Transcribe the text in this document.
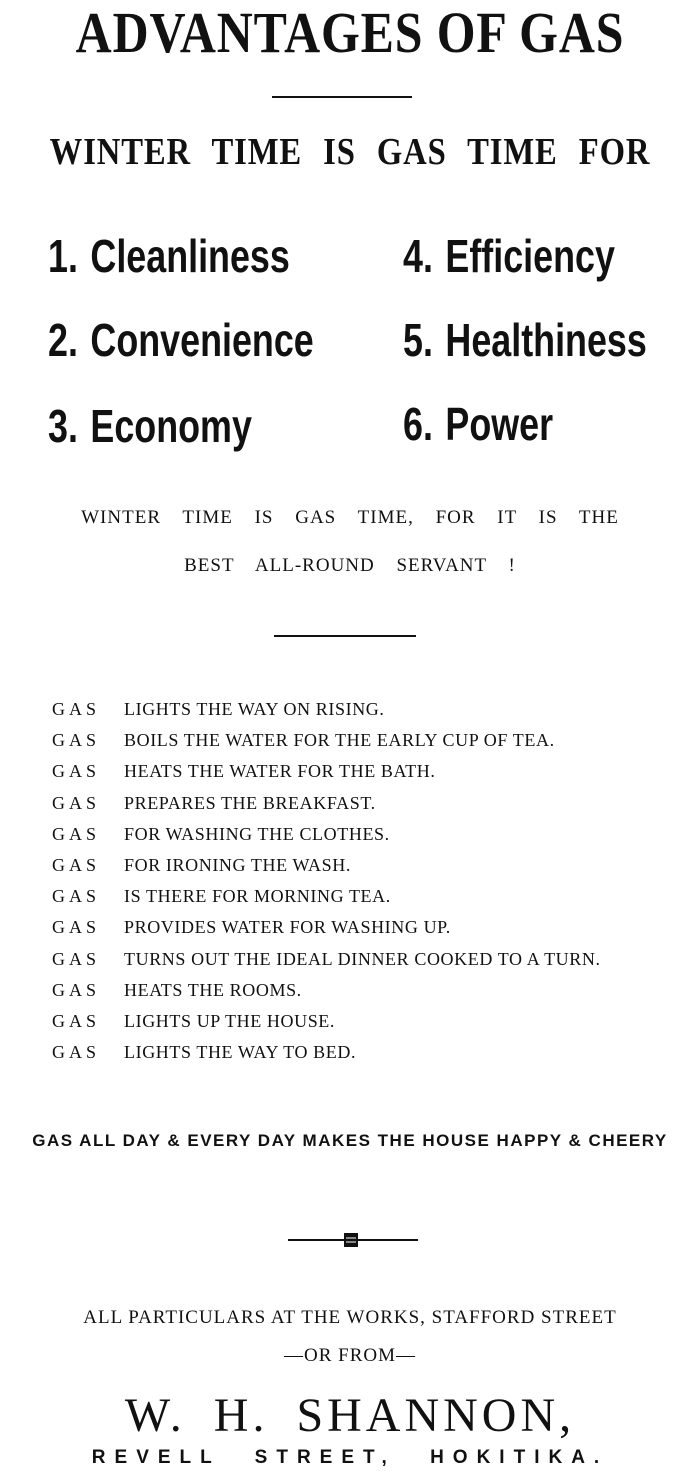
ADVANTAGES OF GAS
WINTER TIME IS GAS TIME FOR
1. Cleanliness
2. Convenience
3. Economy
4. Efficiency
5. Healthiness
6. Power
WINTER TIME IS GAS TIME, FOR IT IS THE
BEST ALL-ROUND SERVANT !
GAS LIGHTS THE WAY ON RISING.
GAS BOILS THE WATER FOR THE EARLY CUP OF TEA.
GAS HEATS THE WATER FOR THE BATH.
GAS PREPARES THE BREAKFAST.
GAS FOR WASHING THE CLOTHES.
GAS FOR IRONING THE WASH.
GAS IS THERE FOR MORNING TEA.
GAS PROVIDES WATER FOR WASHING UP.
GAS TURNS OUT THE IDEAL DINNER COOKED TO A TURN.
GAS HEATS THE ROOMS.
GAS LIGHTS UP THE HOUSE.
GAS LIGHTS THE WAY TO BED.
GAS ALL DAY & EVERY DAY MAKES THE HOUSE HAPPY & CHEERY
ALL PARTICULARS AT THE WORKS, STAFFORD STREET
—OR FROM—
W. H. SHANNON,
REVELL STREET, HOKITIKA.
